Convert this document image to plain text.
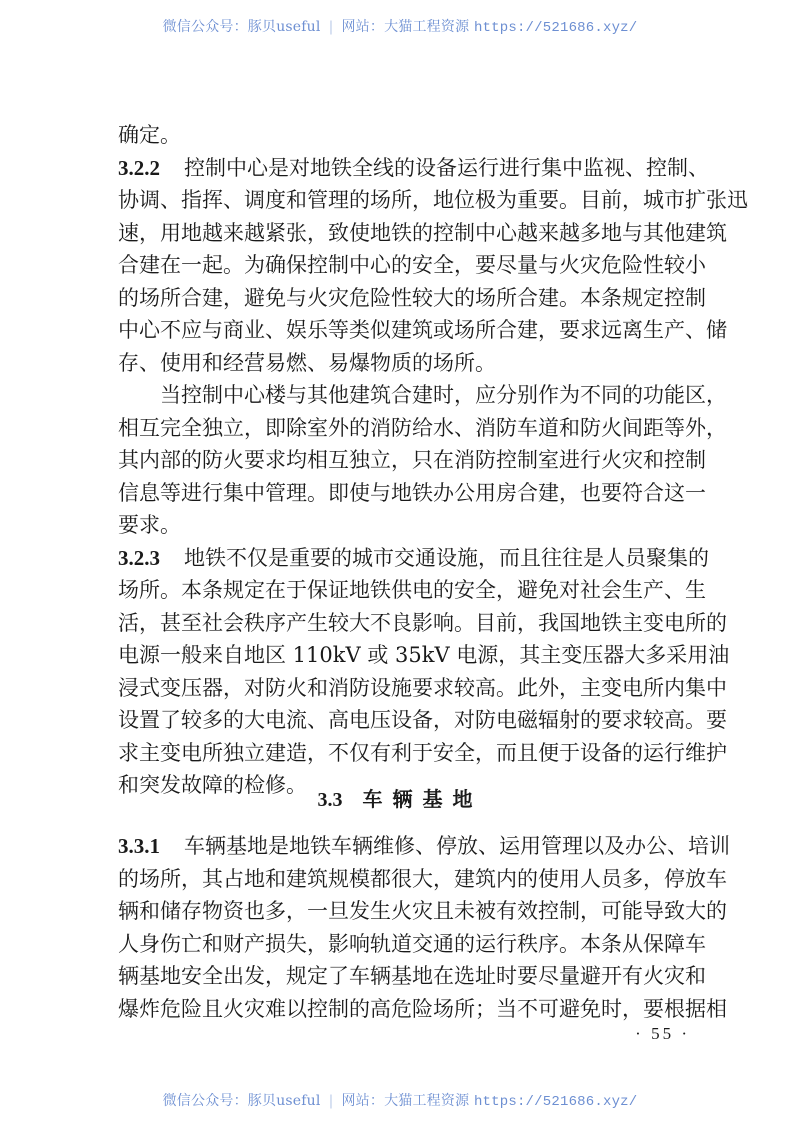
微信公众号：豚贝useful | 网站：大猫工程资源 https://521686.xyz/
确定。
3.2.2 控制中心是对地铁全线的设备运行进行集中监视、控制、
协调、指挥、调度和管理的场所，地位极为重要。目前，城市扩张迅
速，用地越来越紧张，致使地铁的控制中心越来越多地与其他建筑
合建在一起。为确保控制中心的安全，要尽量与火灾危险性较小
的场所合建，避免与火灾危险性较大的场所合建。本条规定控制
中心不应与商业、娱乐等类似建筑或场所合建，要求远离生产、储
存、使用和经营易燃、易爆物质的场所。
当控制中心楼与其他建筑合建时，应分别作为不同的功能区，
相互完全独立，即除室外的消防给水、消防车道和防火间距等外，
其内部的防火要求均相互独立，只在消防控制室进行火灾和控制
信息等进行集中管理。即使与地铁办公用房合建，也要符合这一
要求。
3.2.3 地铁不仅是重要的城市交通设施，而且往往是人员聚集的
场所。本条规定在于保证地铁供电的安全，避免对社会生产、生
活，甚至社会秩序产生较大不良影响。目前，我国地铁主变电所的
电源一般来自地区 110kV 或 35kV 电源，其主变压器大多采用油
浸式变压器，对防火和消防设施要求较高。此外，主变电所内集中
设置了较多的大电流、高电压设备，对防电磁辐射的要求较高。要
求主变电所独立建造，不仅有利于安全，而且便于设备的运行维护
和突发故障的检修。
3.3 车辆基地
3.3.1 车辆基地是地铁车辆维修、停放、运用管理以及办公、培训
的场所，其占地和建筑规模都很大，建筑内的使用人员多，停放车
辆和储存物资也多，一旦发生火灾且未被有效控制，可能导致大的
人身伤亡和财产损失，影响轨道交通的运行秩序。本条从保障车
辆基地安全出发，规定了车辆基地在选址时要尽量避开有火灾和
爆炸危险且火灾难以控制的高危险场所；当不可避免时，要根据相
· 55 ·
微信公众号：豚贝useful | 网站：大猫工程资源 https://521686.xyz/
